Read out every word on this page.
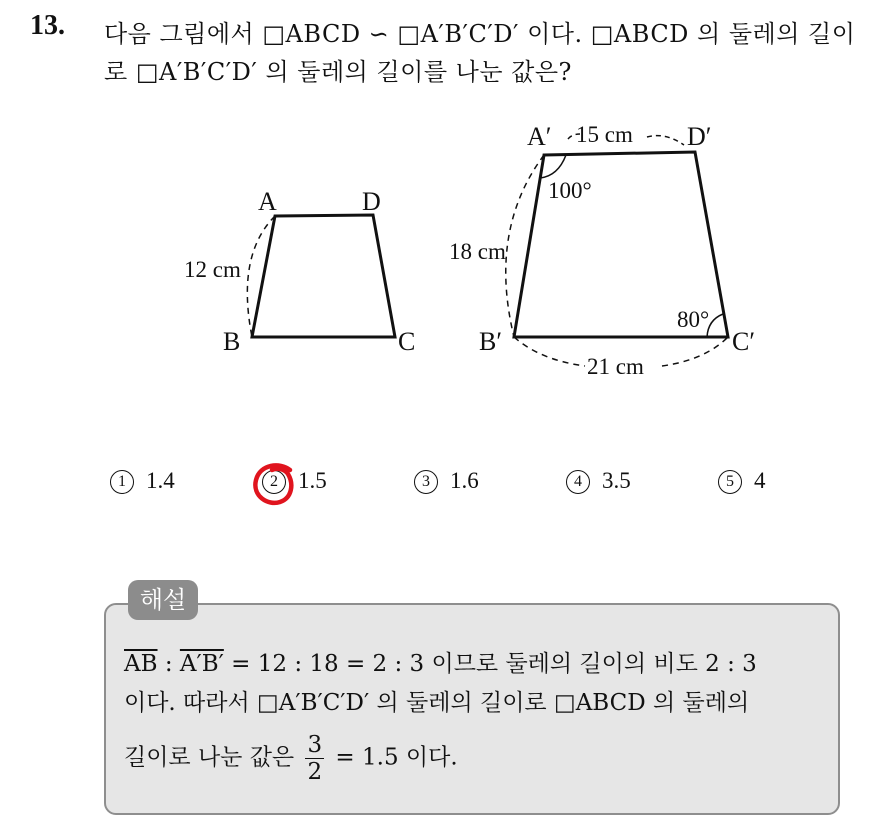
13. 다음 그림에서 □ABCD ∽ □A′B′C′D′ 이다. □ABCD 의 둘레의 길이
로 □A′B′C′D′ 의 둘레의 길이를 나눈 값은?
A	D
B	C
12 cm
A′	D′
B′	C′
15 cm
18 cm
21 cm
100°
80°
1 1.4	2 1.5	3 1.6	4 3.5	5 4
해설
$\overline{AB}$ : A′B′ = 12 : 18 = 2 : 3 이므로 둘레의 길이의 비도 2 : 3
이다. 따라서 □A′B′C′D′ 의 둘레의 길이로 □ABCD 의 둘레의
길이로 나눈 값은 $\frac{3}{2} = 1.5$ 이다.
